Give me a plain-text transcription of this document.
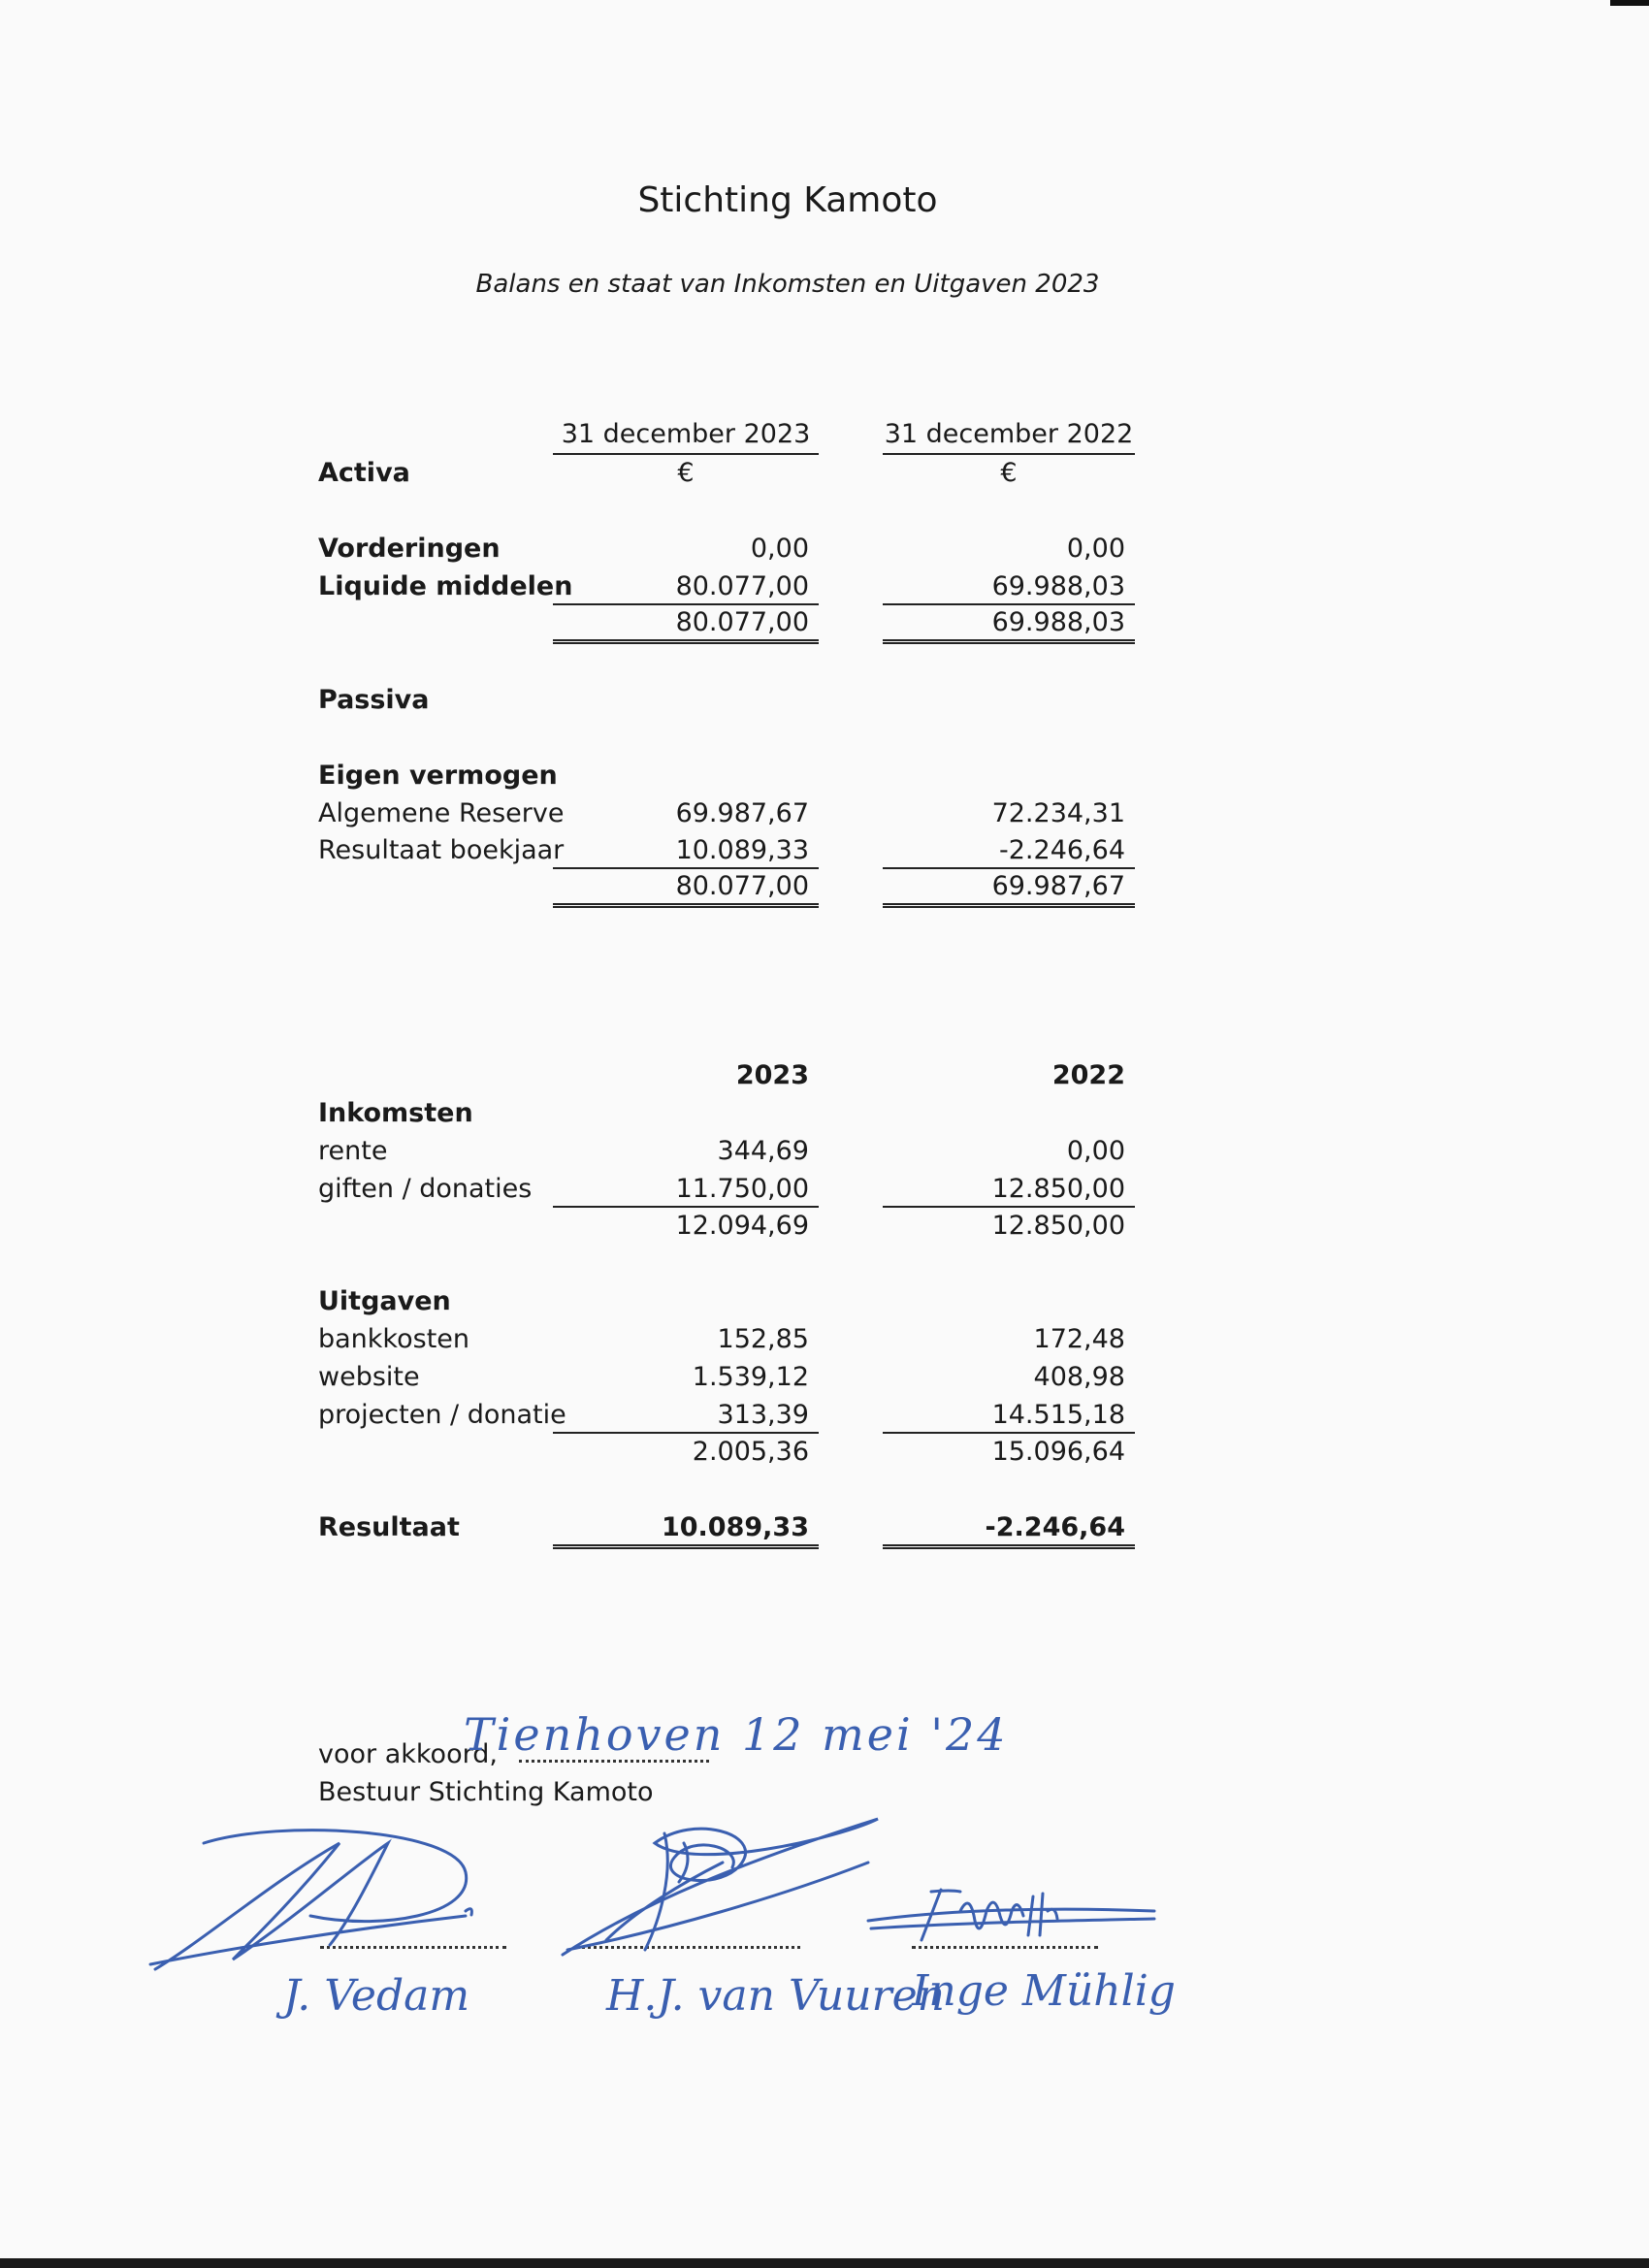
Stichting Kamoto
Balans en staat van Inkomsten en Uitgaven 2023
31 december 2023	31 december 2022
Activa	€	€
Vorderingen	0,00	0,00
Liquide middelen	80.077,00	69.988,03
80.077,00	69.988,03
Passiva
Eigen vermogen
Algemene Reserve	69.987,67	72.234,31
Resultaat boekjaar	10.089,33	-2.246,64
80.077,00	69.987,67
2023	2022
Inkomsten
rente	344,69	0,00
giften / donaties	11.750,00	12.850,00
12.094,69	12.850,00
Uitgaven
bankkosten	152,85	172,48
website	1.539,12	408,98
projecten / donatie	313,39	14.515,18
2.005,36	15.096,64
Resultaat	10.089,33	-2.246,64
voor akkoord,
Tienhoven 12 mei '24
Bestuur Stichting Kamoto
J. Vedam	H.J. van Vuuren
Inge Mühlig
